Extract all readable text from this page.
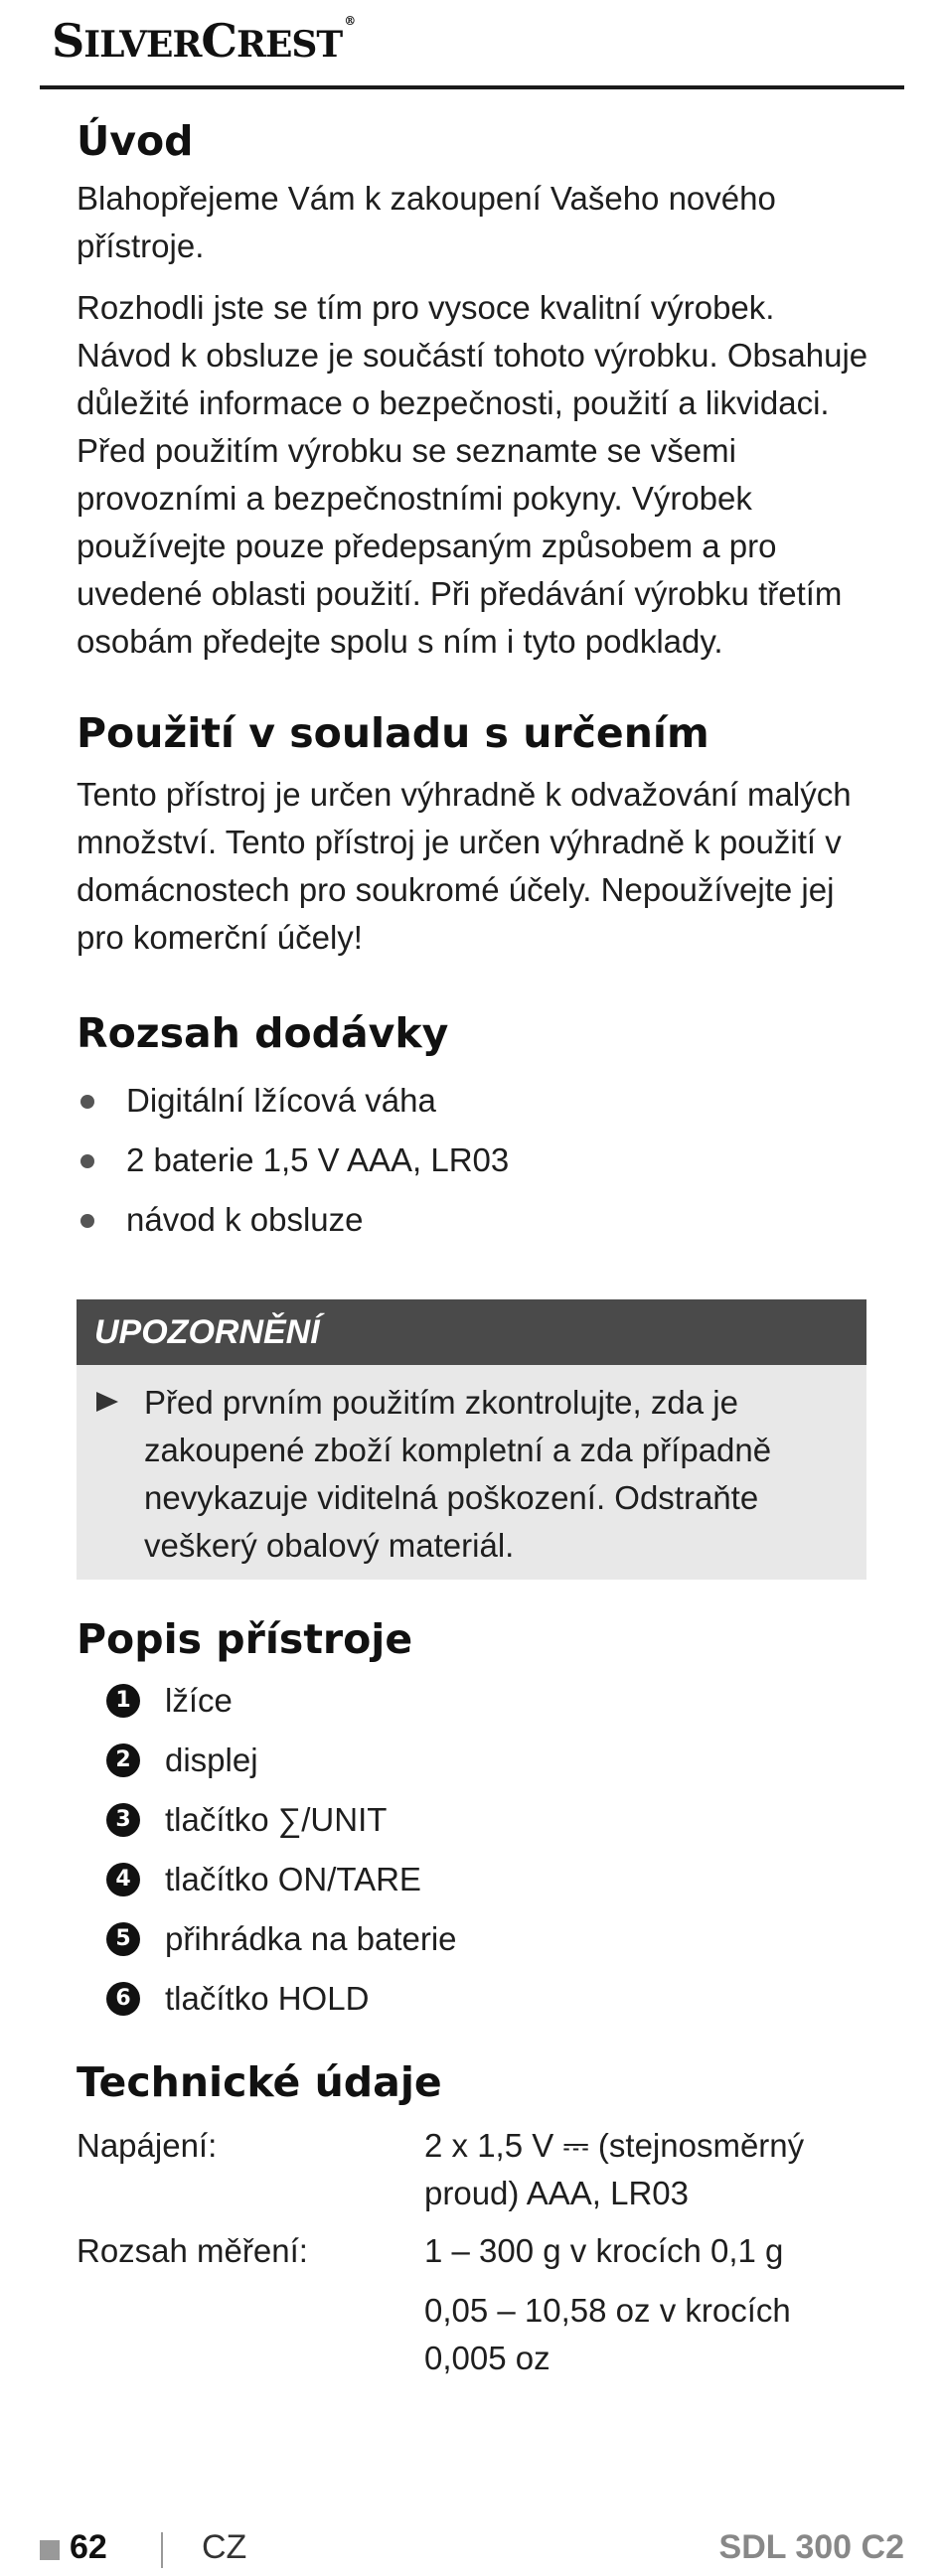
SILVERCREST®
Úvod

Blahopřejeme Vám k zakoupení Vašeho nového přístroje.

Rozhodli jste se tím pro vysoce kvalitní výrobek. Návod k obsluze je součástí tohoto výrobku. Obsahuje důležité informace o bezpečnosti, použití a likvidaci. Před použitím výrobku se seznamte se všemi provozními a bezpečnostními pokyny. Výrobek používejte pouze předepsaným způsobem a pro uvedené oblasti použití. Při předávání výrobku třetím osobám předejte spolu s ním i tyto podklady.

Použití v souladu s určením

Tento přístroj je určen výhradně k odvažování malých množství. Tento přístroj je určen výhradně k použití v domácnostech pro soukromé účely. Nepoužívejte jej pro komerční účely!

Rozsah dodávky
Digitální lžícová váha
2 baterie 1,5 V AAA, LR03
návod k obsluze
UPOZORNĚNÍ
Před prvním použitím zkontrolujte, zda je zakoupené zboží kompletní a zda případně nevykazuje viditelná poškození. Odstraňte veškerý obalový materiál.
Popis přístroje
1 lžíce
2 displej
3 tlačítko ∑/UNIT
4 tlačítko ON/TARE
5 přihrádka na baterie
6 tlačítko HOLD
Technické údaje
Napájení:	2 x 1,5 V ⎓ (stejnosměrný proud) AAA, LR03
Rozsah měření:	1 – 300 g v krocích 0,1 g
0,05 – 10,58 oz v krocích 0,005 oz
62	CZ	SDL 300 C2
